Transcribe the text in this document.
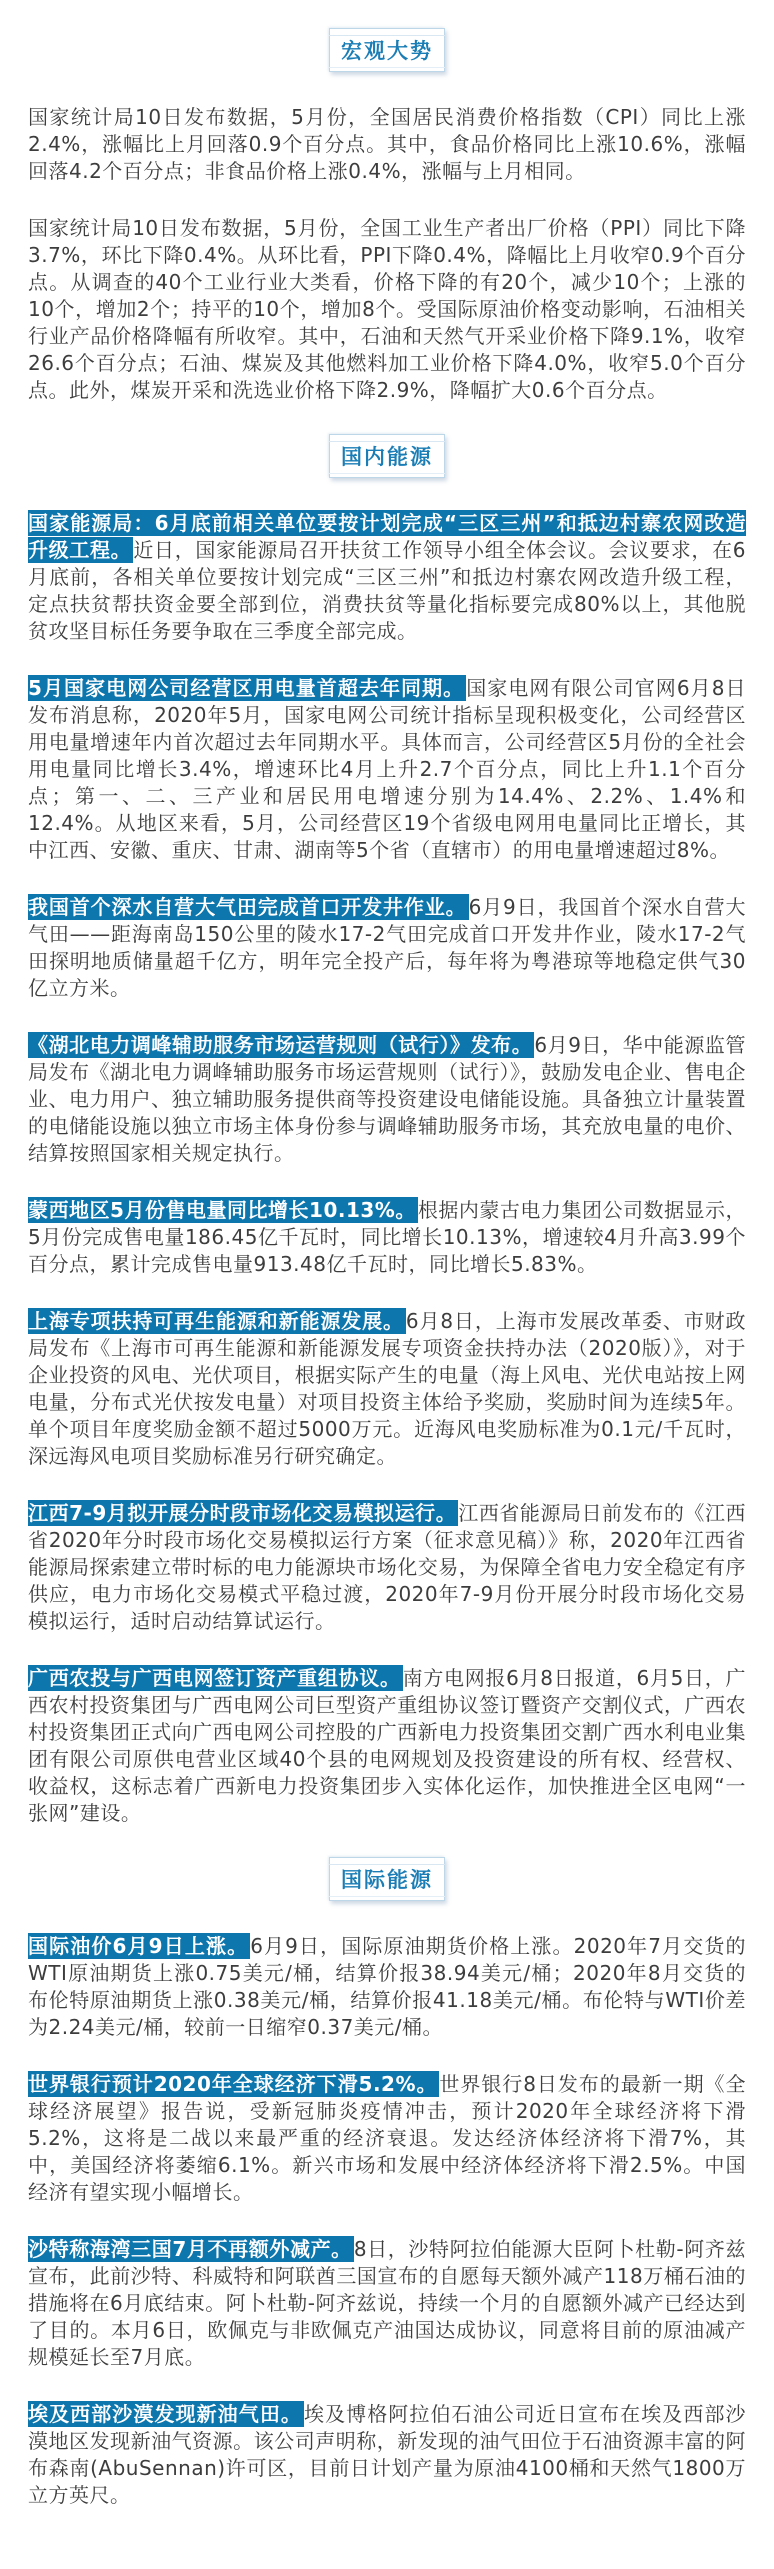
宏观大势

国家统计局10日发布数据，5月份，全国居民消费价格指数（CPI）同比上涨2.4%，涨幅比上月回落0.9个百分点。其中，食品价格同比上涨10.6%，涨幅回落4.2个百分点；非食品价格上涨0.4%，涨幅与上月相同。

国家统计局10日发布数据，5月份，全国工业生产者出厂价格（PPI）同比下降3.7%，环比下降0.4%。从环比看，PPI下降0.4%，降幅比上月收窄0.9个百分点。从调查的40个工业行业大类看，价格下降的有20个，减少10个；上涨的10个，增加2个；持平的10个，增加8个。受国际原油价格变动影响，石油相关行业产品价格降幅有所收窄。其中，石油和天然气开采业价格下降9.1%，收窄26.6个百分点；石油、煤炭及其他燃料加工业价格下降4.0%，收窄5.0个百分点。此外，煤炭开采和洗选业价格下降2.9%，降幅扩大0.6个百分点。

国内能源

国家能源局：6月底前相关单位要按计划完成“三区三州”和抵边村寨农网改造升级工程。 近日，国家能源局召开扶贫工作领导小组全体会议。会议要求，在6月底前，各相关单位要按计划完成“三区三州”和抵边村寨农网改造升级工程，定点扶贫帮扶资金要全部到位，消费扶贫等量化指标要完成80%以上，其他脱贫攻坚目标任务要争取在三季度全部完成。

5月国家电网公司经营区用电量首超去年同期。 国家电网有限公司官网6月8日发布消息称，2020年5月，国家电网公司统计指标呈现积极变化，公司经营区用电量增速年内首次超过去年同期水平。具体而言，公司经营区5月份的全社会用电量同比增长3.4%，增速环比4月上升2.7个百分点，同比上升1.1个百分点；第一、二、三产业和居民用电增速分别为14.4%、2.2%、1.4%和12.4%。从地区来看，5月，公司经营区19个省级电网用电量同比正增长，其中江西、安徽、重庆、甘肃、湖南等5个省（直辖市）的用电量增速超过8%。

我国首个深水自营大气田完成首口开发井作业。 6月9日，我国首个深水自营大气田——距海南岛150公里的陵水17-2气田完成首口开发井作业，陵水17-2气田探明地质储量超千亿方，明年完全投产后，每年将为粤港琼等地稳定供气30亿立方米。

《湖北电力调峰辅助服务市场运营规则（试行）》发布。 6月9日，华中能源监管局发布《湖北电力调峰辅助服务市场运营规则（试行）》，鼓励发电企业、售电企业、电力用户、独立辅助服务提供商等投资建设电储能设施。具备独立计量装置的电储能设施以独立市场主体身份参与调峰辅助服务市场，其充放电量的电价、结算按照国家相关规定执行。

蒙西地区5月份售电量同比增长10.13%。 根据内蒙古电力集团公司数据显示，5月份完成售电量186.45亿千瓦时，同比增长10.13%，增速较4月升高3.99个百分点，累计完成售电量913.48亿千瓦时，同比增长5.83%。

上海专项扶持可再生能源和新能源发展。 6月8日，上海市发展改革委、市财政局发布《上海市可再生能源和新能源发展专项资金扶持办法（2020版）》，对于企业投资的风电、光伏项目，根据实际产生的电量（海上风电、光伏电站按上网电量，分布式光伏按发电量）对项目投资主体给予奖励，奖励时间为连续5年。单个项目年度奖励金额不超过5000万元。近海风电奖励标准为0.1元/千瓦时，深远海风电项目奖励标准另行研究确定。

江西7-9月拟开展分时段市场化交易模拟运行。 江西省能源局日前发布的《江西省2020年分时段市场化交易模拟运行方案（征求意见稿）》称，2020年江西省能源局探索建立带时标的电力能源块市场化交易，为保障全省电力安全稳定有序供应，电力市场化交易模式平稳过渡，2020年7-9月份开展分时段市场化交易模拟运行，适时启动结算试运行。

广西农投与广西电网签订资产重组协议。 南方电网报6月8日报道，6月5日，广西农村投资集团与广西电网公司巨型资产重组协议签订暨资产交割仪式，广西农村投资集团正式向广西电网公司控股的广西新电力投资集团交割广西水利电业集团有限公司原供电营业区域40个县的电网规划及投资建设的所有权、经营权、收益权，这标志着广西新电力投资集团步入实体化运作，加快推进全区电网“一张网”建设。

国际能源

国际油价6月9日上涨。 6月9日，国际原油期货价格上涨。2020年7月交货的WTI原油期货上涨0.75美元/桶，结算价报38.94美元/桶；2020年8月交货的布伦特原油期货上涨0.38美元/桶，结算价报41.18美元/桶。布伦特与WTI价差为2.24美元/桶，较前一日缩窄0.37美元/桶。

世界银行预计2020年全球经济下滑5.2%。 世界银行8日发布的最新一期《全球经济展望》报告说，受新冠肺炎疫情冲击，预计2020年全球经济将下滑5.2%，这将是二战以来最严重的经济衰退。发达经济体经济将下滑7%，其中，美国经济将萎缩6.1%。新兴市场和发展中经济体经济将下滑2.5%。中国经济有望实现小幅增长。

沙特称海湾三国7月不再额外减产。 8日，沙特阿拉伯能源大臣阿卜杜勒-阿齐兹宣布，此前沙特、科威特和阿联酋三国宣布的自愿每天额外减产118万桶石油的措施将在6月底结束。阿卜杜勒-阿齐兹说，持续一个月的自愿额外减产已经达到了目的。本月6日，欧佩克与非欧佩克产油国达成协议，同意将目前的原油减产规模延长至7月底。

埃及西部沙漠发现新油气田。 埃及博格阿拉伯石油公司近日宣布在埃及西部沙漠地区发现新油气资源。该公司声明称，新发现的油气田位于石油资源丰富的阿布森南(AbuSennan)许可区，目前日计划产量为原油4100桶和天然气1800万立方英尺。
